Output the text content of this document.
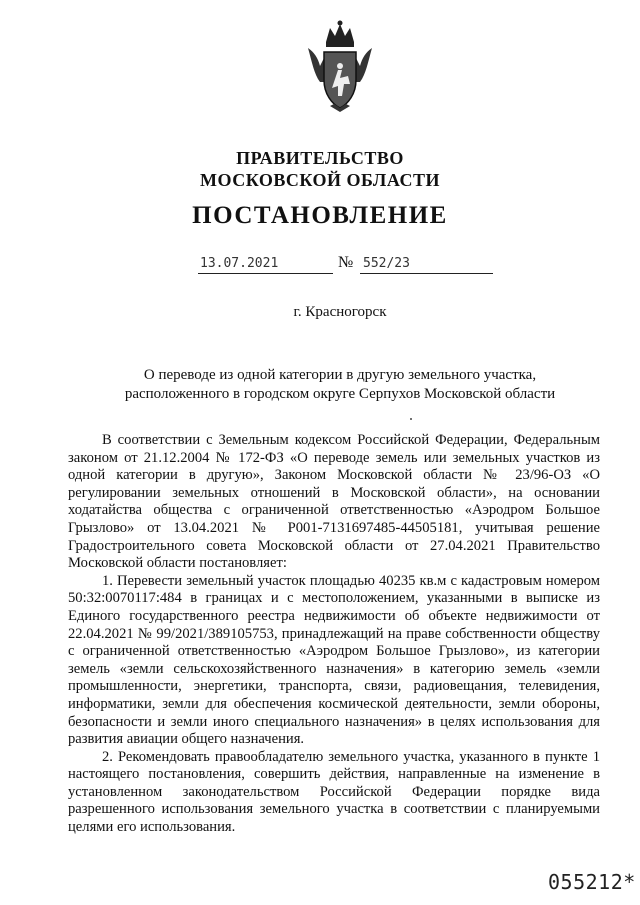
ПРАВИТЕЛЬСТВО
МОСКОВСКОЙ ОБЛАСТИ
ПОСТАНОВЛЕНИЕ
13.07.2021	№ 552/23
г. Красногорск
О переводе из одной категории в другую земельного участка,
расположенного в городском округе Серпухов Московской области

В соответствии с Земельным кодексом Российской Федерации, Федеральным законом от 21.12.2004 № 172-ФЗ «О переводе земель или земельных участков из одной категории в другую», Законом Московской области № 23/96-ОЗ «О регулировании земельных отношений в Московской области», на основании ходатайства общества с ограниченной ответственностью «Аэродром Большое Грызлово» от 13.04.2021 № Р001-7131697485-44505181, учитывая решение Градостроительного совета Московской области от 27.04.2021 Правительство Московской области постановляет:

1. Перевести земельный участок площадью 40235 кв.м с кадастровым номером 50:32:0070117:484 в границах и с местоположением, указанными в выписке из Единого государственного реестра недвижимости об объекте недвижимости от 22.04.2021 № 99/2021/389105753, принадлежащий на праве собственности обществу с ограниченной ответственностью «Аэродром Большое Грызлово», из категории земель «земли сельскохозяйственного назначения» в категорию земель «земли промышленности, энергетики, транспорта, связи, радиовещания, телевидения, информатики, земли для обеспечения космической деятельности, земли обороны, безопасности и земли иного специального назначения» в целях использования для развития авиации общего назначения.

2. Рекомендовать правообладателю земельного участка, указанного в пункте 1 настоящего постановления, совершить действия, направленные на изменение в установленном законодательством Российской Федерации порядке вида разрешенного использования земельного участка в соответствии с планируемыми целями его использования.

055212*
